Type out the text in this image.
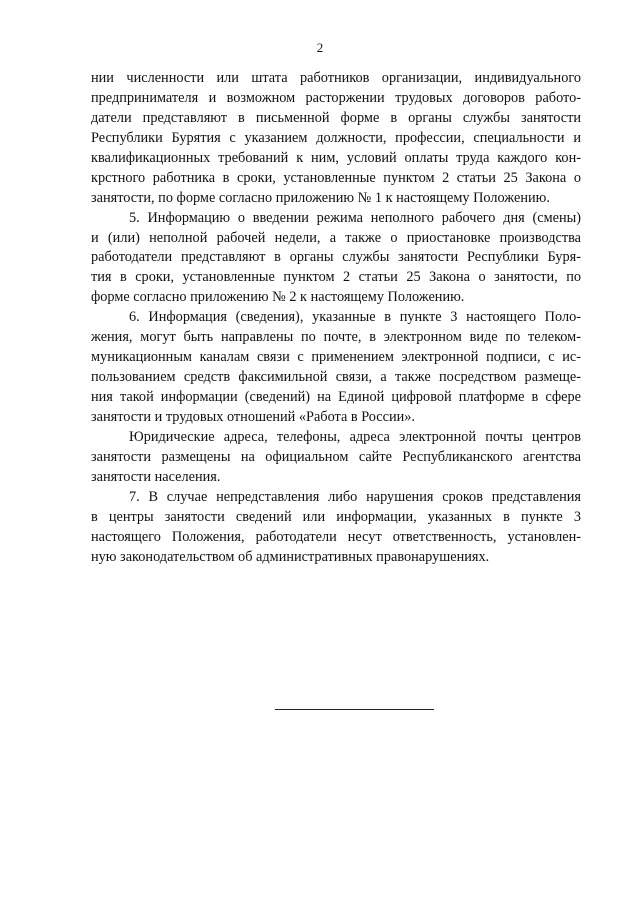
2
нии численности или штата работников организации, индивидуального
предпринимателя и возможном расторжении трудовых договоров работо-
датели представляют в письменной форме в органы службы занятости
Республики Бурятия с указанием должности, профессии, специальности и
квалификационных требований к ним, условий оплаты труда каждого кон-
крстного работника в сроки, установленные пунктом 2 статьи 25 Закона о
занятости, по форме согласно приложению № 1 к настоящему Положению.
5. Информацию о введении режима неполного рабочего дня (смены)
и (или) неполной рабочей недели, а также о приостановке производства
работодатели представляют в органы службы занятости Республики Буря-
тия в сроки, установленные пунктом 2 статьи 25 Закона о занятости, по
форме согласно приложению № 2 к настоящему Положению.
6. Информация (сведения), указанные в пункте 3 настоящего Поло-
жения, могут быть направлены по почте, в электронном виде по телеком-
муникационным каналам связи с применением электронной подписи, с ис-
пользованием средств факсимильной связи, а также посредством размеще-
ния такой информации (сведений) на Единой цифровой платформе в сфере
занятости и трудовых отношений «Работа в России».
Юридические адреса, телефоны, адреса электронной почты центров
занятости размещены на официальном сайте Республиканского агентства
занятости населения.
7. В случае непредставления либо нарушения сроков представления
в центры занятости сведений или информации, указанных в пункте 3
настоящего Положения, работодатели несут ответственность, установлен-
ную законодательством об административных правонарушениях.
